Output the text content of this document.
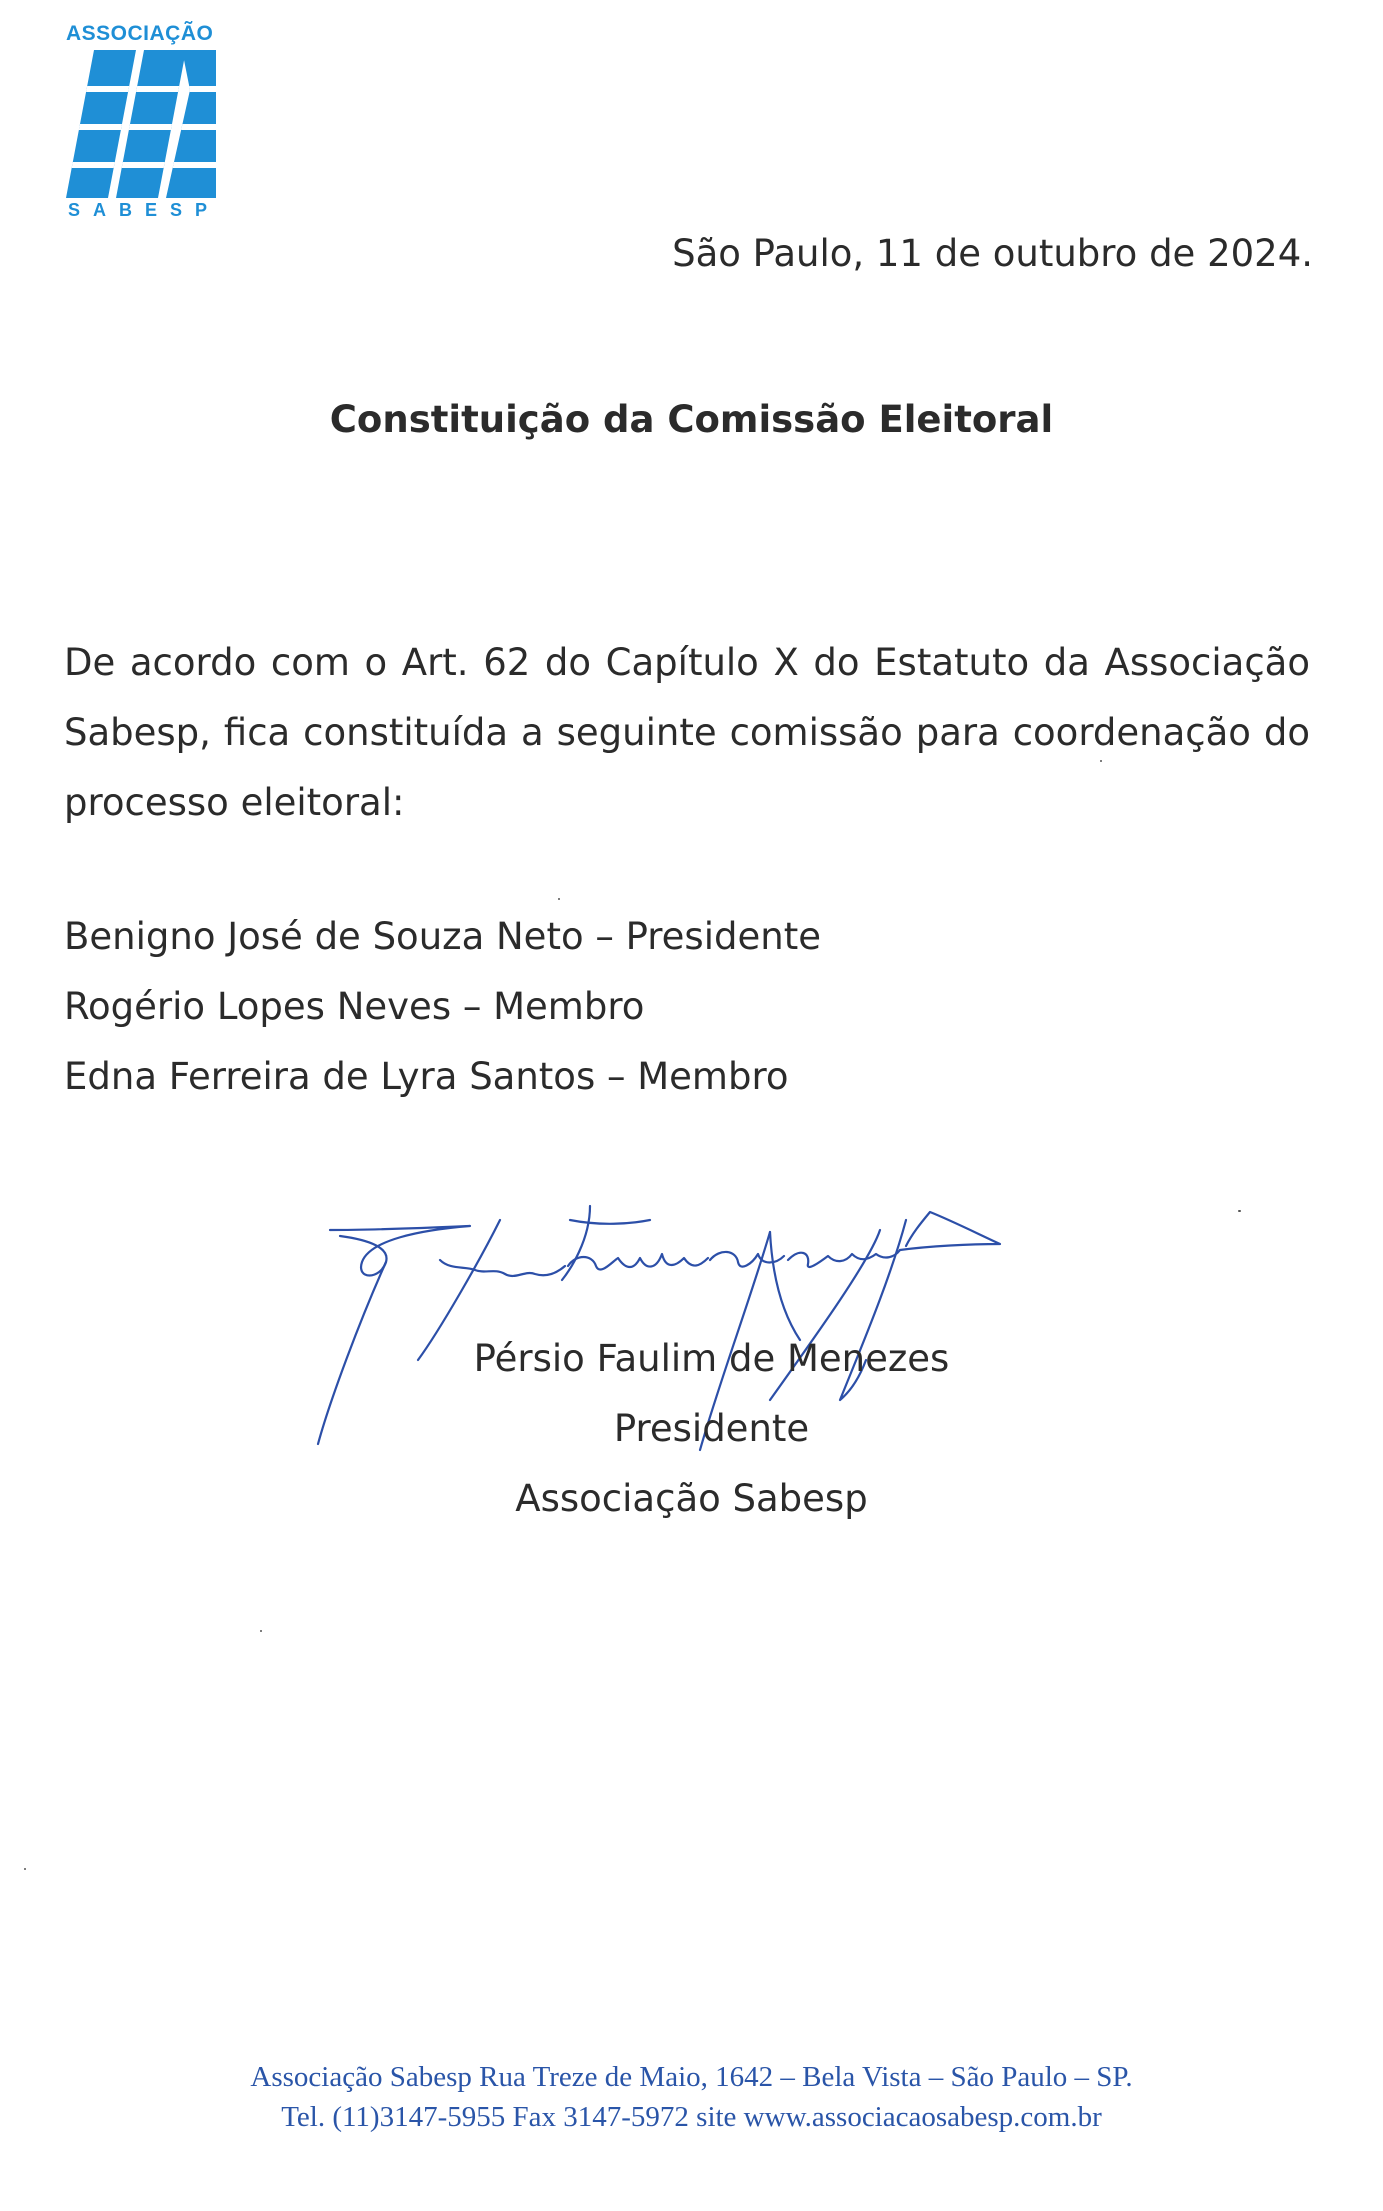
ASSOCIAÇÃO
SABESP
São Paulo, 11 de outubro de 2024.
Constituição da Comissão Eleitoral
De acordo com o Art. 62 do Capítulo X do Estatuto da Associação Sabesp, fica constituída a seguinte comissão para coordenação do processo eleitoral:
Benigno José de Souza Neto – Presidente
Rogério Lopes Neves – Membro
Edna Ferreira de Lyra Santos – Membro
Pérsio Faulim de Menezes
Presidente
Associação Sabesp
Associação Sabesp Rua Treze de Maio, 1642 – Bela Vista – São Paulo – SP.
Tel. (11)3147-5955 Fax 3147-5972 site www.associacaosabesp.com.br
